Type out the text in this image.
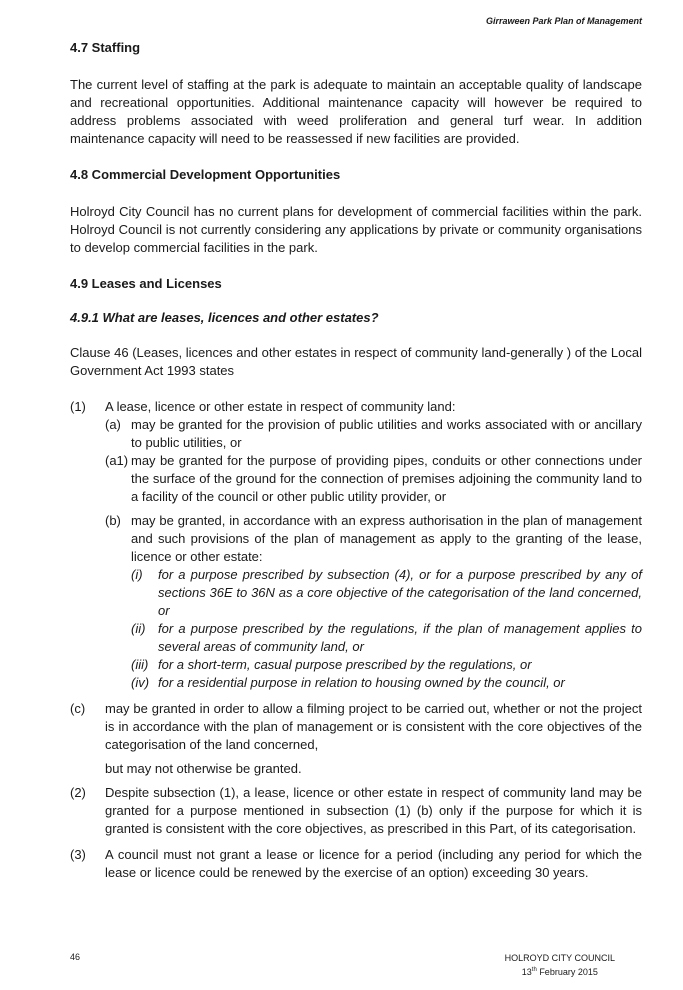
Girraween Park Plan of Management
4.7 Staffing

The current level of staffing at the park is adequate to maintain an acceptable quality of landscape and recreational opportunities. Additional maintenance capacity will however be required to address problems associated with weed proliferation and general turf wear. In addition maintenance capacity will need to be reassessed if new facilities are provided.

4.8 Commercial Development Opportunities

Holroyd City Council has no current plans for development of commercial facilities within the park. Holroyd Council is not currently considering any applications by private or community organisations to develop commercial facilities in the park.

4.9 Leases and Licenses
4.9.1 What are leases, licences and other estates?

Clause 46 (Leases, licences and other estates in respect of community land-generally ) of the Local Government Act 1993 states

(1)	A lease, licence or other estate in respect of community land:
(a) may be granted for the provision of public utilities and works associated with or ancillary to public utilities, or
(a1) may be granted for the purpose of providing pipes, conduits or other connections under the surface of the ground for the connection of premises adjoining the community land to a facility of the council or other public utility provider, or
(b) may be granted, in accordance with an express authorisation in the plan of management and such provisions of the plan of management as apply to the granting of the lease, licence or other estate:
(i)	for a purpose prescribed by subsection (4), or for a purpose prescribed by any of sections 36E to 36N as a core objective of the categorisation of the land concerned, or
(ii) for a purpose prescribed by the regulations, if the plan of management applies to several areas of community land, or
(iii) for a short-term, casual purpose prescribed by the regulations, or
(iv) for a residential purpose in relation to housing owned by the council, or
(c)	may be granted in order to allow a filming project to be carried out, whether or not the project is in accordance with the plan of management or is consistent with the core objectives of the categorisation of the land concerned,

but may not otherwise be granted.

(2)	Despite subsection (1), a lease, licence or other estate in respect of community land may be granted for a purpose mentioned in subsection (1) (b) only if the purpose for which it is granted is consistent with the core objectives, as prescribed in this Part, of its categorisation.
(3)	A council must not grant a lease or licence for a period (including any period for which the lease or licence could be renewed by the exercise of an option) exceeding 30 years.
46	HOLROYD CITY COUNCIL
13th February 2015
